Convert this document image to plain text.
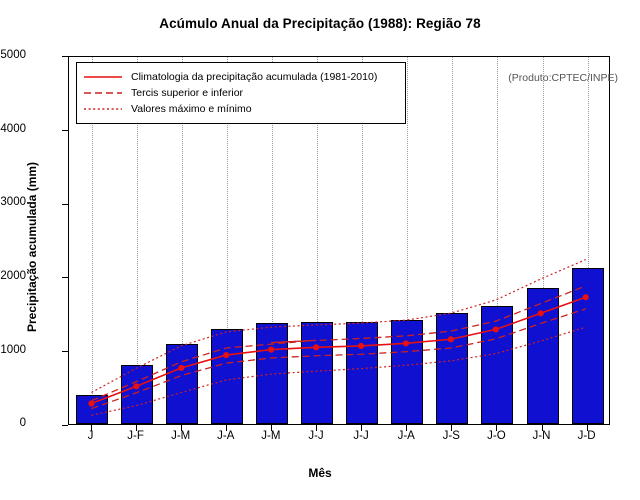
Acúmulo Anual da Precipitação (1988): Região 78
5000
4000
3000
2000
1000
0
Precipitação acumulada (mm)
Climatologia da precipitação acumulada (1981-2010)
Tercis superior e inferior
Valores máximo e mínimo
(Produto:CPTEC/INPE)
J	J-F	J-M	J-A	J-M	J-J	J-J	J-A	J-S	J-O	J-N	J-D
Mês
